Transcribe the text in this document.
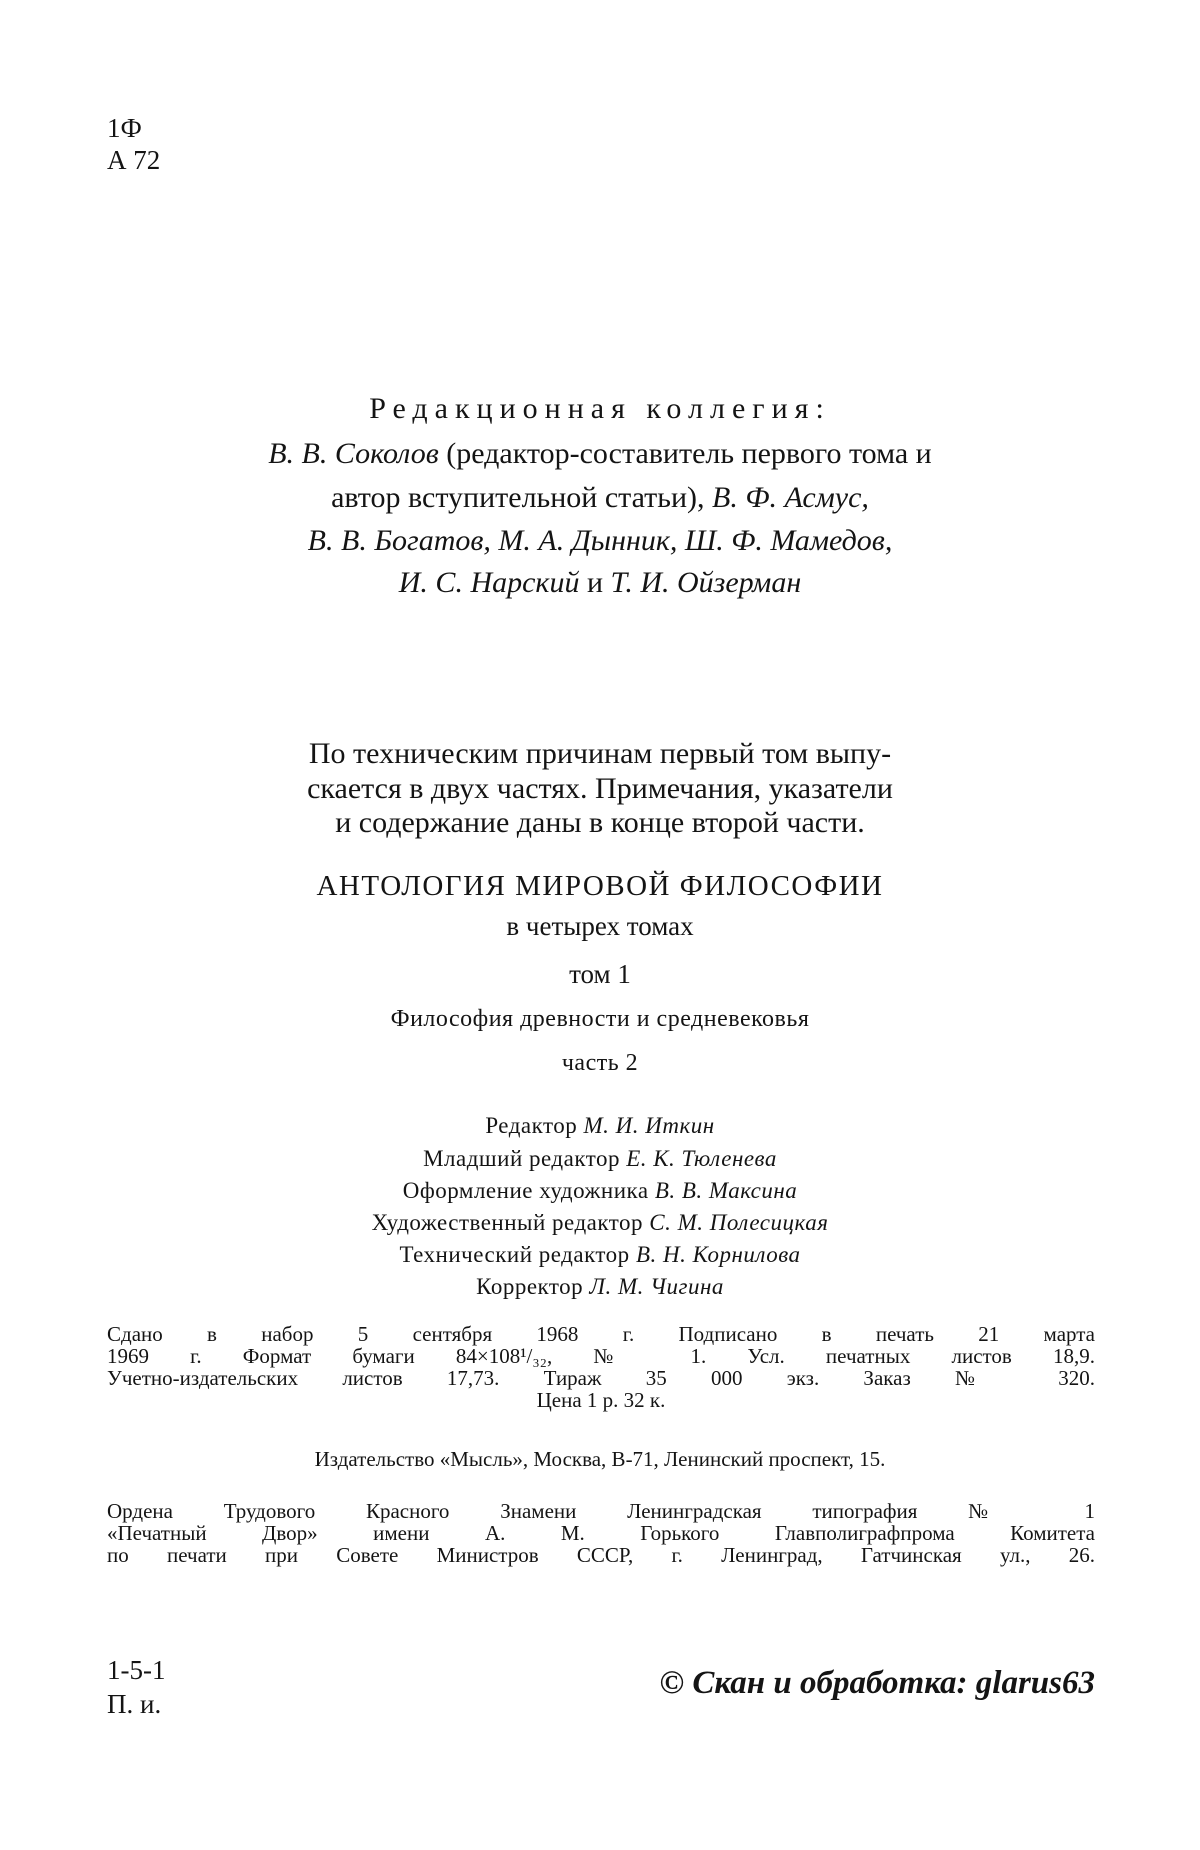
1Ф
А 72
Редакционная коллегия:
В. В. Соколов (редактор-составитель первого тома и
автор вступительной статьи), В. Ф. Асмус,
В. В. Богатов, М. А. Дынник, Ш. Ф. Мамедов,
И. С. Нарский и Т. И. Ойзерман
По техническим причинам первый том выпу-
скается в двух частях. Примечания, указатели
и содержание даны в конце второй части.
АНТОЛОГИЯ МИРОВОЙ ФИЛОСОФИИ
в четырех томах
том 1
Философия древности и средневековья
часть 2
Редактор М. И. Иткин
Младший редактор Е. К. Тюленева
Оформление художника В. В. Максина
Художественный редактор С. М. Полесицкая
Технический редактор В. Н. Корнилова
Корректор Л. М. Чигина
Сдано в набор 5 сентября 1968 г. Подписано в печать 21 марта
1969 г. Формат бумаги 84×108¹/₃₂, № 1. Усл. печатных листов 18,9.
Учетно-издательских листов 17,73. Тираж 35 000 экз. Заказ № 320.
Цена 1 р. 32 к.
Издательство «Мысль», Москва, В-71, Ленинский проспект, 15.
Ордена Трудового Красного Знамени Ленинградская типография № 1
«Печатный Двор» имени А. М. Горького Главполиграфпрома Комитета
по печати при Совете Министров СССР, г. Ленинград, Гатчинская ул., 26.
1-5-1
П. и.
© Скан и обработка: glarus63
